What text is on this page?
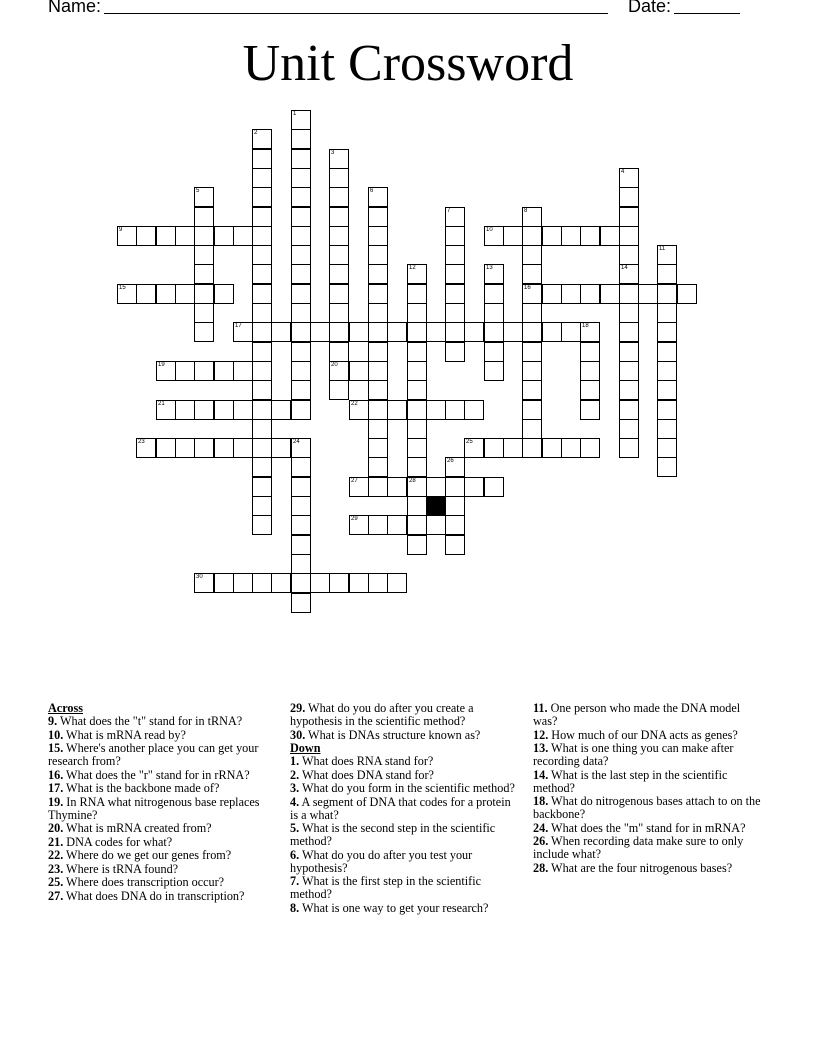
Name:	Date:
Unit Crossword
9	10
15	16
17	18
19	20
21	22
23	25
27	28
29
30
1
2
3
4
14
5	6
7	8
11
12	13
24
26
Across
9. What does the "t" stand for in tRNA?
10. What is mRNA read by?
15. Where's another place you can get your research from?
16. What does the "r" stand for in rRNA?
17. What is the backbone made of?
19. In RNA what nitrogenous base replaces Thymine?
20. What is mRNA created from?
21. DNA codes for what?
22. Where do we get our genes from?
23. Where is tRNA found?
25. Where does transcription occur?
27. What does DNA do in transcription?
29. What do you do after you create a hypothesis in the scientific method?
30. What is DNAs structure known as?
Down
1. What does RNA stand for?
2. What does DNA stand for?
3. What do you form in the scientific method?
4. A segment of DNA that codes for a protein is a what?
5. What is the second step in the scientific method?
6. What do you do after you test your hypothesis?
7. What is the first step in the scientific method?
8. What is one way to get your research?
11. One person who made the DNA model was?
12. How much of our DNA acts as genes?
13. What is one thing you can make after recording data?
14. What is the last step in the scientific method?
18. What do nitrogenous bases attach to on the backbone?
24. What does the "m" stand for in mRNA?
26. When recording data make sure to only include what?
28. What are the four nitrogenous bases?
